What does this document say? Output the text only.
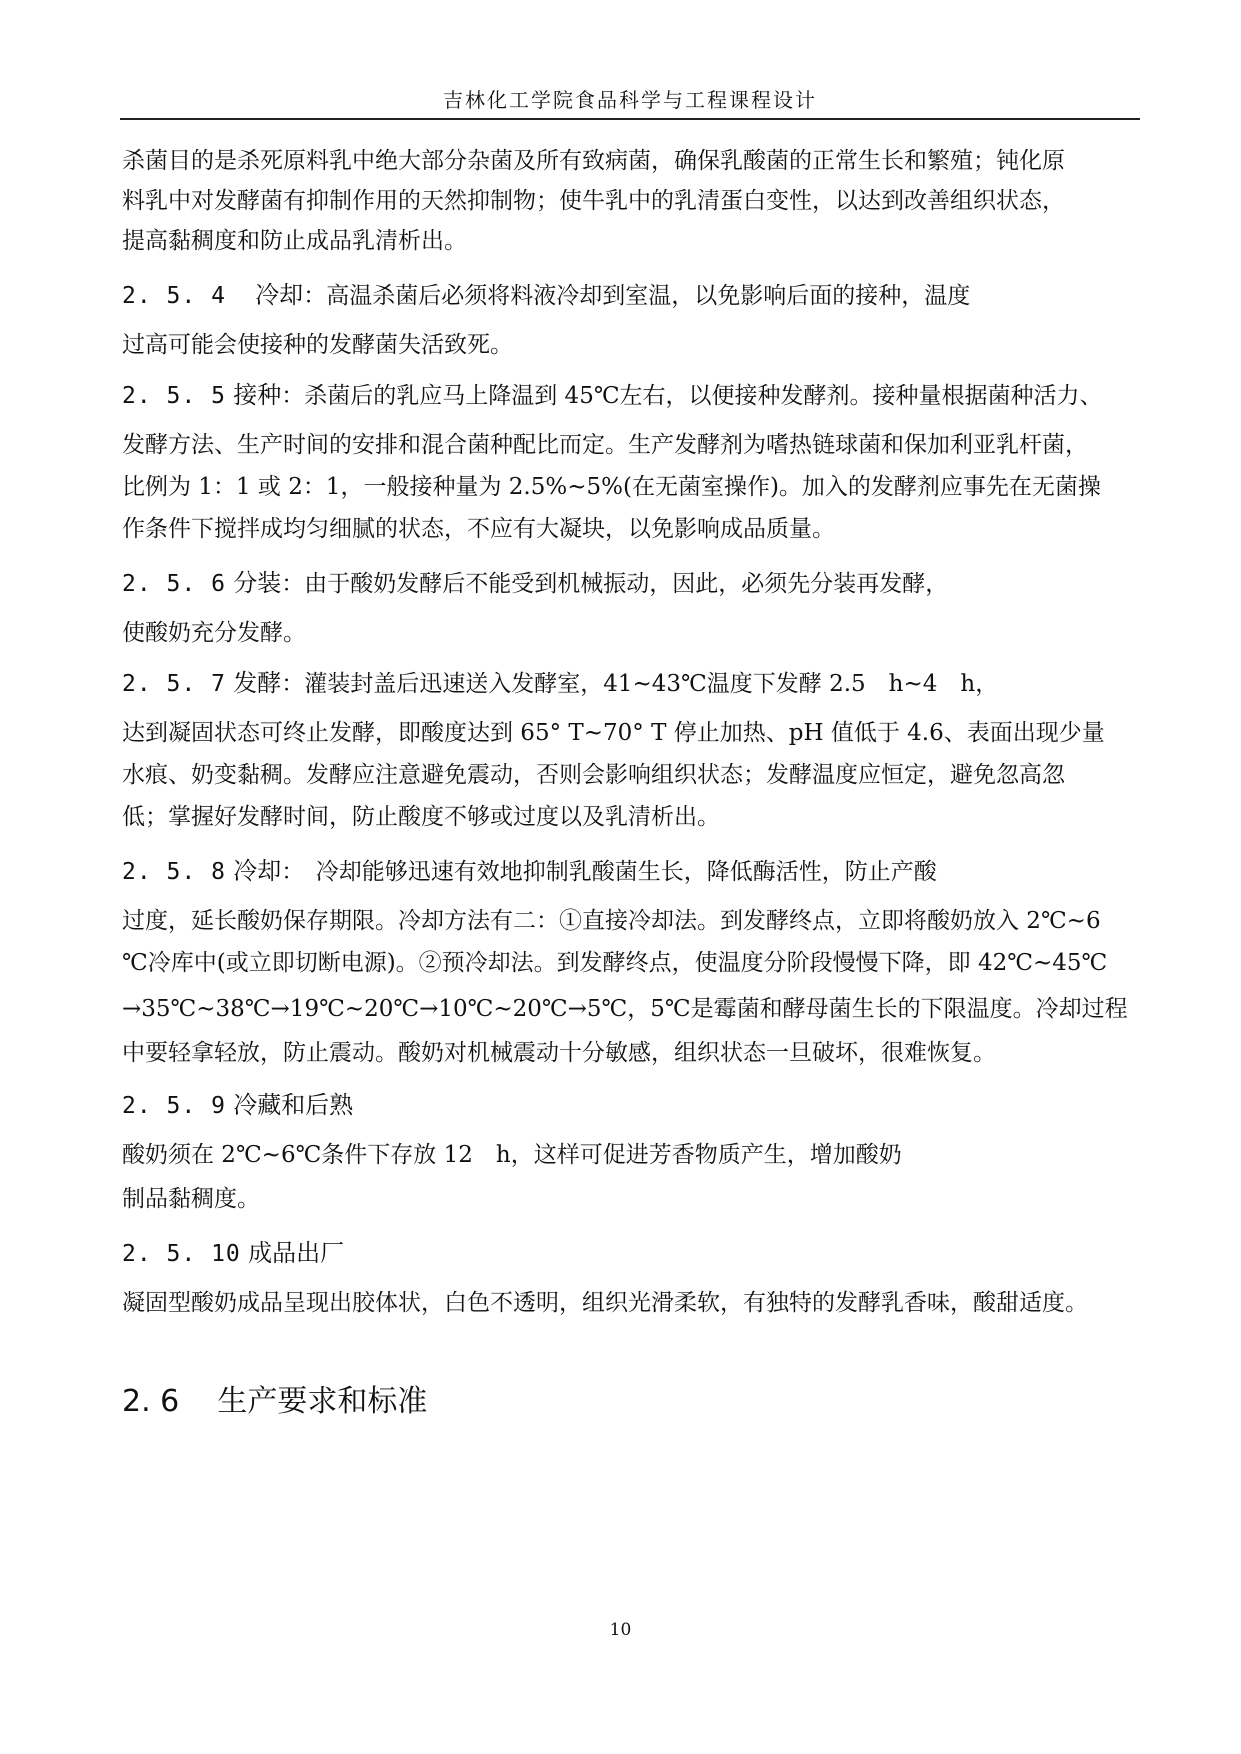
吉林化工学院食品科学与工程课程设计
杀菌目的是杀死原料乳中绝大部分杂菌及所有致病菌，确保乳酸菌的正常生长和繁殖；钝化原
料乳中对发酵菌有抑制作用的天然抑制物；使牛乳中的乳清蛋白变性，以达到改善组织状态，
提高黏稠度和防止成品乳清析出。
2. 5. 4 冷却：高温杀菌后必须将料液冷却到室温，以免影响后面的接种，温度
过高可能会使接种的发酵菌失活致死。
2. 5. 5 接种：杀菌后的乳应马上降温到 45℃左右，以便接种发酵剂。接种量根据菌种活力、
发酵方法、生产时间的安排和混合菌种配比而定。生产发酵剂为嗜热链球菌和保加利亚乳杆菌，
比例为 1：1 或 2：1，一般接种量为 2.5%~5%(在无菌室操作)。加入的发酵剂应事先在无菌操
作条件下搅拌成均匀细腻的状态，不应有大凝块，以免影响成品质量。
2. 5. 6 分装：由于酸奶发酵后不能受到机械振动，因此，必须先分装再发酵，
使酸奶充分发酵。
2. 5. 7 发酵：灌装封盖后迅速送入发酵室，41~43℃温度下发酵 2.5　h~4　h，
达到凝固状态可终止发酵，即酸度达到 65° T~70° T 停止加热、pH 值低于 4.6、表面出现少量
水痕、奶变黏稠。发酵应注意避免震动，否则会影响组织状态；发酵温度应恒定，避免忽高忽
低；掌握好发酵时间，防止酸度不够或过度以及乳清析出。
2. 5. 8 冷却：　冷却能够迅速有效地抑制乳酸菌生长，降低酶活性，防止产酸
过度，延长酸奶保存期限。冷却方法有二：①直接冷却法。到发酵终点，立即将酸奶放入 2℃~6
℃冷库中(或立即切断电源)。②预冷却法。到发酵终点，使温度分阶段慢慢下降，即 42℃~45℃
→35℃~38℃→19℃~20℃→10℃~20℃→5℃，5℃是霉菌和酵母菌生长的下限温度。冷却过程
中要轻拿轻放，防止震动。酸奶对机械震动十分敏感，组织状态一旦破坏，很难恢复。
2. 5. 9 冷藏和后熟
酸奶须在 2℃~6℃条件下存放 12　h，这样可促进芳香物质产生，增加酸奶
制品黏稠度。
2. 5. 10 成品出厂
凝固型酸奶成品呈现出胶体状，白色不透明，组织光滑柔软，有独特的发酵乳香味，酸甜适度。
2. 6 生产要求和标准
10
